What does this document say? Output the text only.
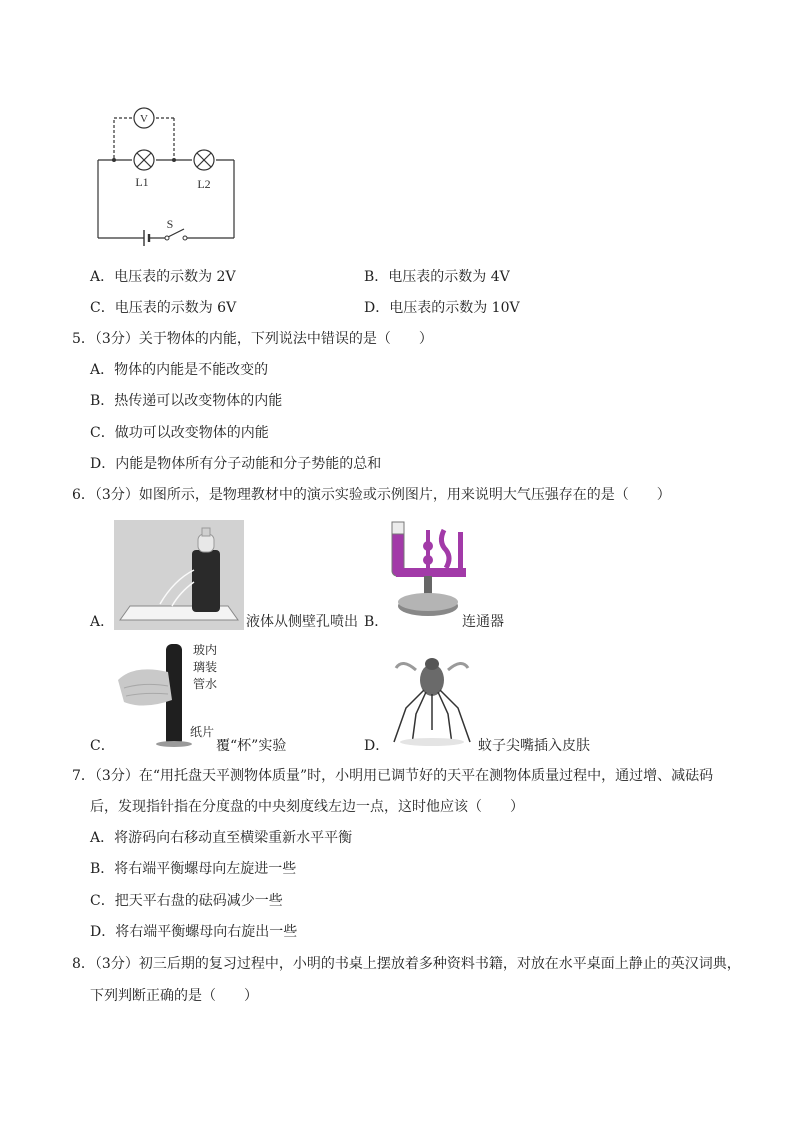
V
L1	L2
S
A．电压表的示数为 2V	B．电压表的示数为 4V
C．电压表的示数为 6V	D．电压表的示数为 10V
5．（3分）关于物体的内能，下列说法中错误的是（　　）
A．物体的内能是不能改变的
B．热传递可以改变物体的内能
C．做功可以改变物体的内能
D．内能是物体所有分子动能和分子势能的总和
6．（3分）如图所示，是物理教材中的演示实验或示例图片，用来说明大气压强存在的是（　　）
A．	液体从侧壁孔喷出 B．	连通器
玻内
璃装
管水
纸片
C．	覆“杯”实验	D．	蚊子尖嘴插入皮肤
7．（3分）在“用托盘天平测物体质量”时，小明用已调节好的天平在测物体质量过程中，通过增、减砝码
后，发现指针指在分度盘的中央刻度线左边一点，这时他应该（　　）
A．将游码向右移动直至横梁重新水平平衡
B．将右端平衡螺母向左旋进一些
C．把天平右盘的砝码减少一些
D．将右端平衡螺母向右旋出一些
8．（3分）初三后期的复习过程中，小明的书桌上摆放着多种资料书籍，对放在水平桌面上静止的英汉词典，
下列判断正确的是（　　）
